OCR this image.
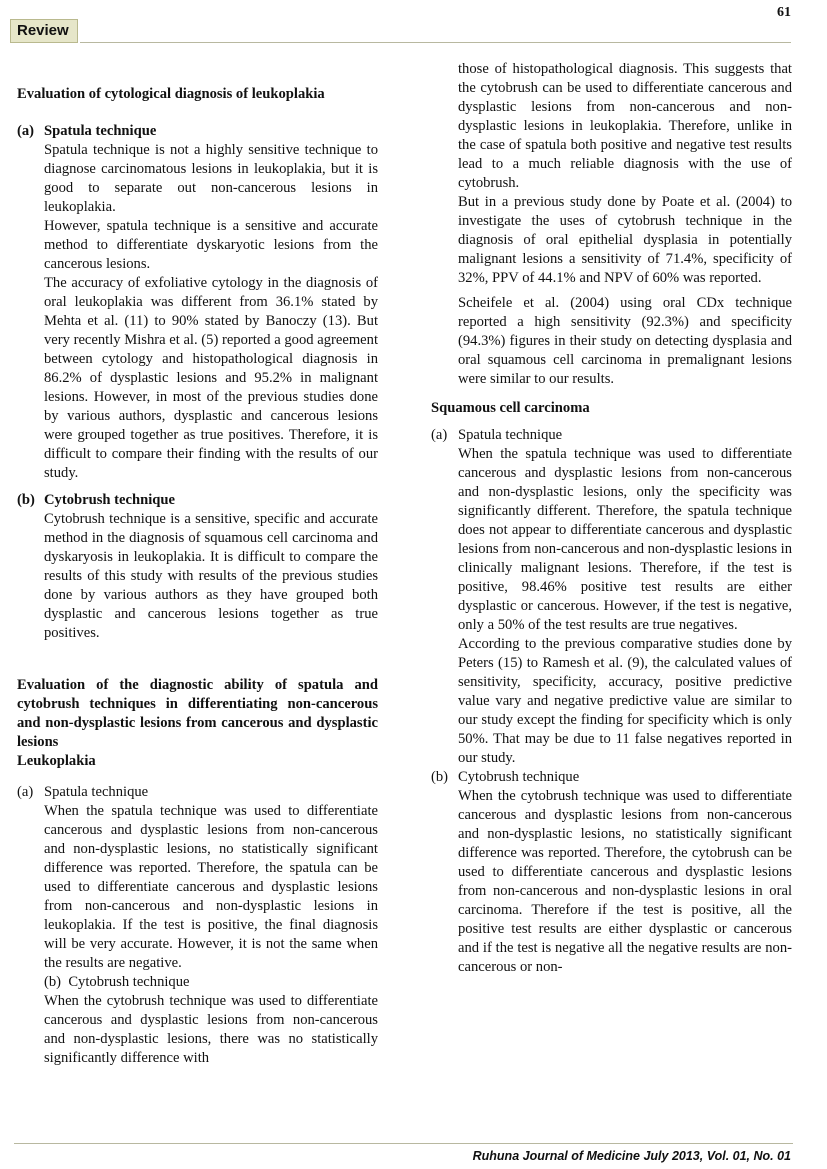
Review
61
Evaluation of cytological diagnosis of leukoplakia
(a) Spatula technique

Spatula technique is not a highly sensitive technique to diagnose carcinomatous lesions in leukoplakia, but it is good to separate out non-cancerous lesions in leukoplakia.

However, spatula technique is a sensitive and accurate method to differentiate dyskaryotic lesions from the cancerous lesions.

The accuracy of exfoliative cytology in the diagnosis of oral leukoplakia was different from 36.1% stated by Mehta et al. (11) to 90% stated by Banoczy (13). But very recently Mishra et al. (5) reported a good agreement between cytology and histopathological diagnosis in 86.2% of dysplastic lesions and 95.2% in malignant lesions. However, in most of the previous studies done by various authors, dysplastic and cancerous lesions were grouped together as true positives. Therefore, it is difficult to compare their finding with the results of our study.

(b) Cytobrush technique

Cytobrush technique is a sensitive, specific and accurate method in the diagnosis of squamous cell carcinoma and dyskaryosis in leukoplakia. It is difficult to compare the results of this study with results of the previous studies done by various authors as they have grouped both dysplastic and cancerous lesions together as true positives.

Evaluation of the diagnostic ability of spatula and cytobrush techniques in differentiating non-cancerous and non-dysplastic lesions from cancerous and dysplastic lesions
Leukoplakia
(a) Spatula technique

When the spatula technique was used to differentiate cancerous and dysplastic lesions from non-cancerous and non-dysplastic lesions, no statistically significant difference was reported. Therefore, the spatula can be used to differentiate cancerous and dysplastic lesions from non-cancerous and non-dysplastic lesions in leukoplakia. If the test is positive, the final diagnosis will be very accurate. However, it is not the same when the results are negative.

(b) Cytobrush technique

When the cytobrush technique was used to differentiate cancerous and dysplastic lesions from non-cancerous and non-dysplastic lesions, there was no statistically significantly difference with

those of histopathological diagnosis. This suggests that the cytobrush can be used to differentiate cancerous and dysplastic lesions from non-cancerous and non-dysplastic lesions in leukoplakia. Therefore, unlike in the case of spatula both positive and negative test results lead to a much reliable diagnosis with the use of cytobrush.

But in a previous study done by Poate et al. (2004) to investigate the uses of cytobrush technique in the diagnosis of oral epithelial dysplasia in potentially malignant lesions a sensitivity of 71.4%, specificity of 32%, PPV of 44.1% and NPV of 60% was reported.

Scheifele et al. (2004) using oral CDx technique reported a high sensitivity (92.3%) and specificity (94.3%) figures in their study on detecting dysplasia and oral squamous cell carcinoma in premalignant lesions were similar to our results.

Squamous cell carcinoma
(a) Spatula technique

When the spatula technique was used to differentiate cancerous and dysplastic lesions from non-cancerous and non-dysplastic lesions, only the specificity was significantly different. Therefore, the spatula technique does not appear to differentiate cancerous and dysplastic lesions from non-cancerous and non-dysplastic lesions in clinically malignant lesions. Therefore, if the test is positive, 98.46% positive test results are either dysplastic or cancerous. However, if the test is negative, only a 50% of the test results are true negatives.

According to the previous comparative studies done by Peters (15) to Ramesh et al. (9), the calculated values of sensitivity, specificity, accuracy, positive predictive value vary and negative predictive value are similar to our study except the finding for specificity which is only 50%. That may be due to 11 false negatives reported in our study.

(b) Cytobrush technique

When the cytobrush technique was used to differentiate cancerous and dysplastic lesions from non-cancerous and non-dysplastic lesions, no statistically significant difference was reported. Therefore, the cytobrush can be used to differentiate cancerous and dysplastic lesions from non-cancerous and non-dysplastic lesions in oral carcinoma. Therefore if the test is positive, all the positive test results are either dysplastic or cancerous and if the test is negative all the negative results are non-cancerous or non-

Ruhuna Journal of Medicine July 2013, Vol. 01, No. 01
